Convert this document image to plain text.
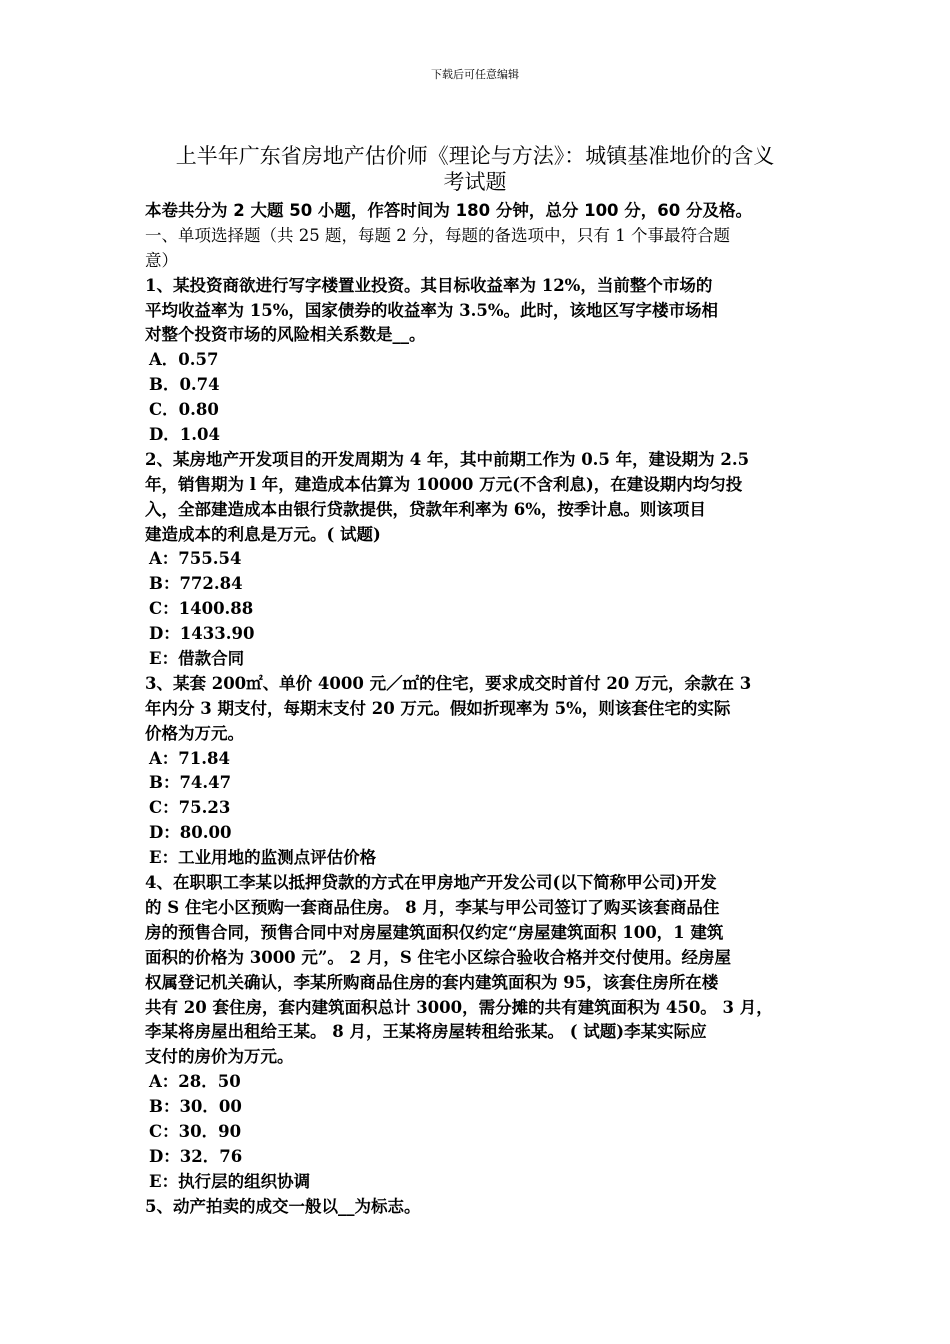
下载后可任意编辑
上半年广东省房地产估价师《理论与方法》：城镇基准地价的含义
考试题
本卷共分为 2 大题 50 小题，作答时间为 180 分钟，总分 100 分，60 分及格。
一、单项选择题（共 25 题，每题 2 分，每题的备选项中，只有 1 个事最符合题
意）
1、某投资商欲进行写字楼置业投资。其目标收益率为 12%，当前整个市场的
平均收益率为 15%，国家债券的收益率为 3.5%。此时，该地区写字楼市场相
对整个投资市场的风险相关系数是__。
A．0.57
B．0.74
C．0.80
D．1.04
2、某房地产开发项目的开发周期为 4 年，其中前期工作为 0.5 年，建设期为 2.5
年，销售期为 l 年，建造成本估算为 10000 万元(不含利息)，在建设期内均匀投
入，全部建造成本由银行贷款提供，贷款年利率为 6%，按季计息。则该项目
建造成本的利息是万元。( 试题)
A：755.54
B：772.84
C：1400.88
D：1433.90
E：借款合同
3、某套 200㎡、单价 4000 元／㎡的住宅，要求成交时首付 20 万元，余款在 3
年内分 3 期支付，每期末支付 20 万元。假如折现率为 5%，则该套住宅的实际
价格为万元。
A：71.84
B：74.47
C：75.23
D：80.00
E：工业用地的监测点评估价格
4、在职职工李某以抵押贷款的方式在甲房地产开发公司(以下简称甲公司)开发
的 S 住宅小区预购一套商品住房。 8 月，李某与甲公司签订了购买该套商品住
房的预售合同，预售合同中对房屋建筑面积仅约定“房屋建筑面积 100，1 建筑
面积的价格为 3000 元”。 2 月，S 住宅小区综合验收合格并交付使用。经房屋
权属登记机关确认，李某所购商品住房的套内建筑面积为 95，该套住房所在楼
共有 20 套住房，套内建筑面积总计 3000，需分摊的共有建筑面积为 450。 3 月，
李某将房屋出租给王某。 8 月，王某将房屋转租给张某。 ( 试题)李某实际应
支付的房价为万元。
A：28．50
B：30．00
C：30．90
D：32．76
E：执行层的组织协调
5、动产拍卖的成交一般以__为标志。
